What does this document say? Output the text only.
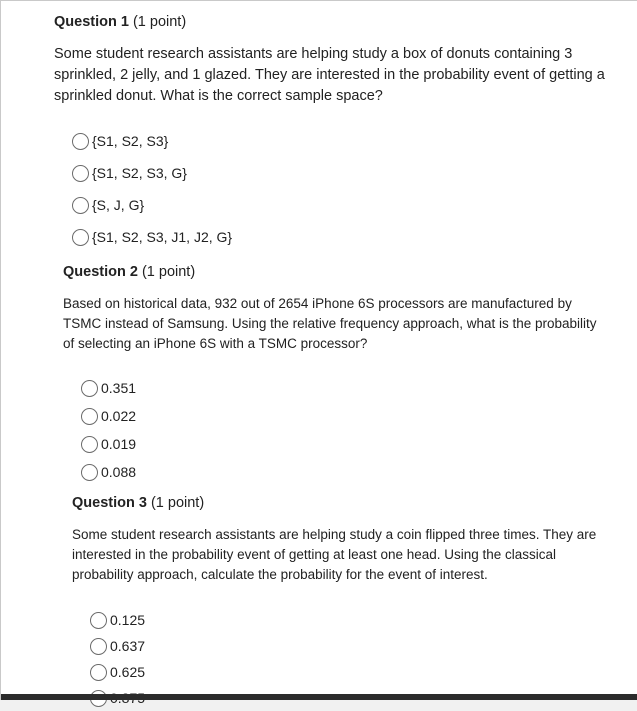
Question 1 (1 point)

Some student research assistants are helping study a box of donuts containing 3 sprinkled, 2 jelly, and 1 glazed. They are interested in the probability event of getting a sprinkled donut. What is the correct sample space?
{S1, S2, S3}
{S1, S2, S3, G}
{S, J, G}
{S1, S2, S3, J1, J2, G}

Question 2 (1 point)

Based on historical data, 932 out of 2654 iPhone 6S processors are manufactured by TSMC instead of Samsung. Using the relative frequency approach, what is the probability of selecting an iPhone 6S with a TSMC processor?
0.351
0.022
0.019
0.088

Question 3 (1 point)

Some student research assistants are helping study a coin flipped three times. They are interested in the probability event of getting at least one head. Using the classical probability approach, calculate the probability for the event of interest.
0.125
0.637
0.625
